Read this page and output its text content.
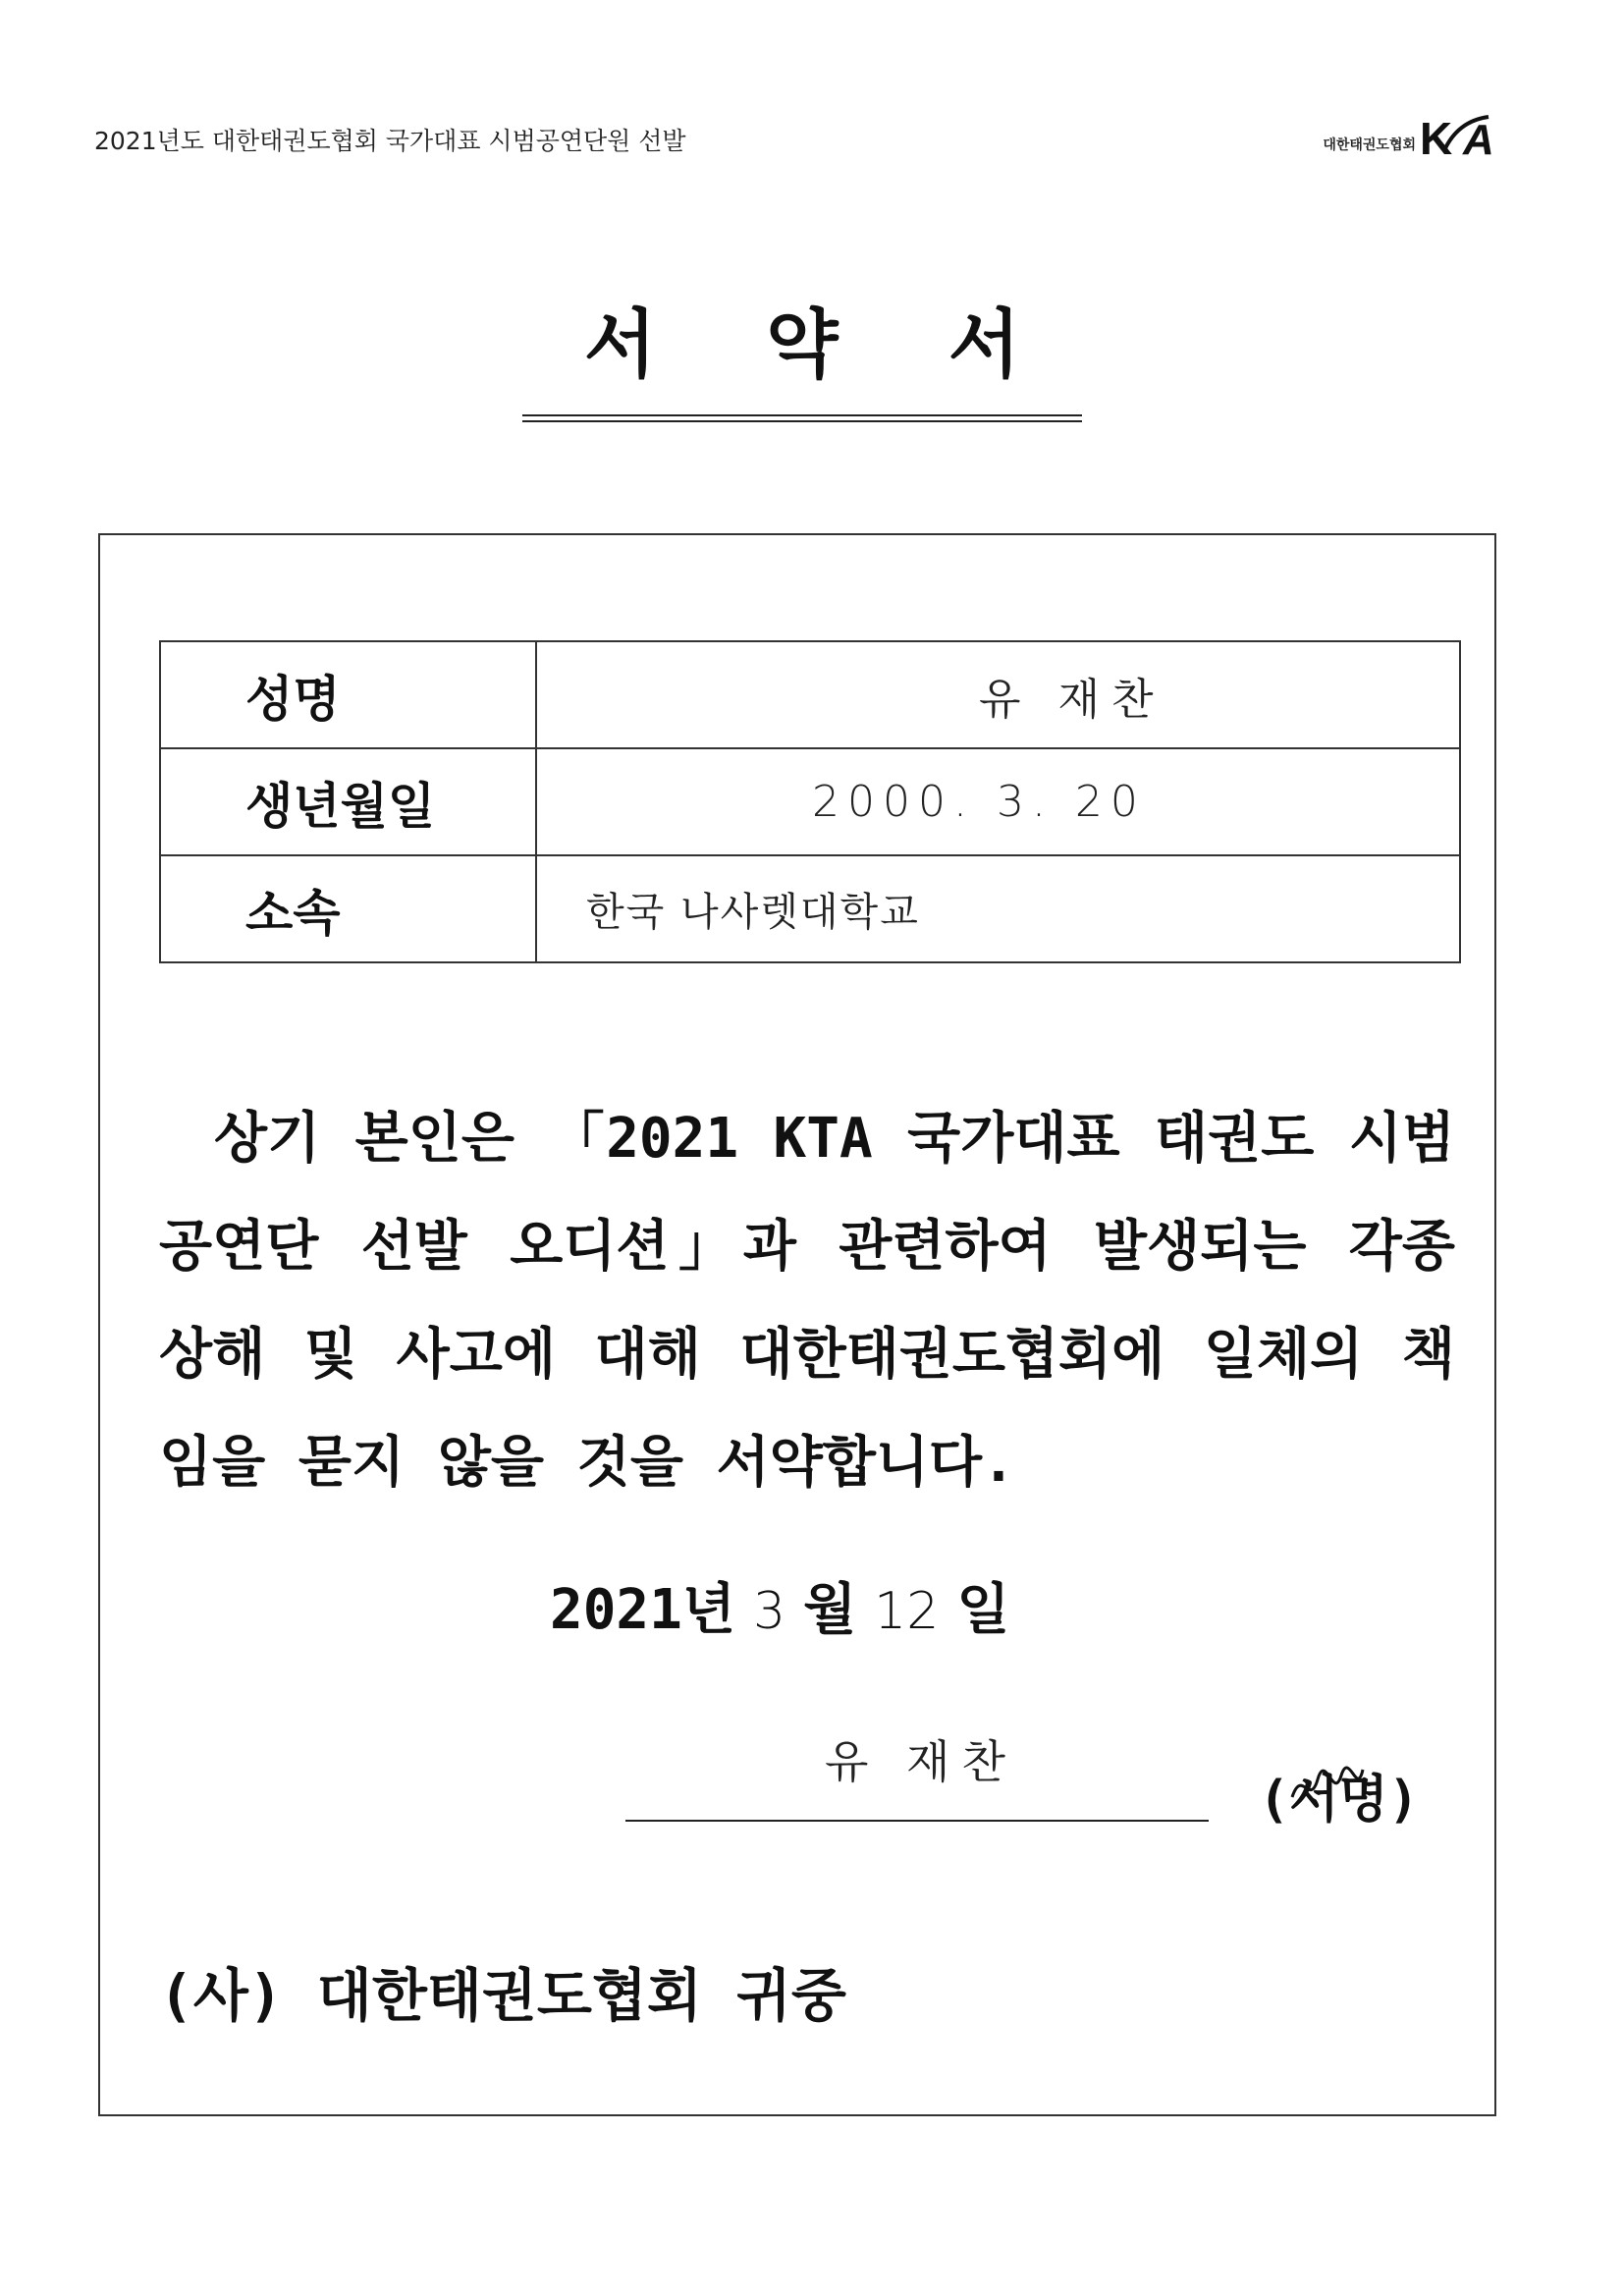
2021년도 대한태권도협회 국가대표 시범공연단원 선발	대한태권도협회 K A
서 약 서
성명	유 재찬

생년월일	2000. 3. 20

소속	한국 나사렛대학교
상기 본인은 「2021 KTA 국가대표 태권도 시범 공연단 선발 오디션」과 관련하여 발생되는 각종 상해 및 사고에 대해 대한태권도협회에 일체의 책임을 묻지 않을 것을 서약합니다.
2021년 3 월 12 일
유 재찬
(서명)
(사) 대한태권도협회 귀중
